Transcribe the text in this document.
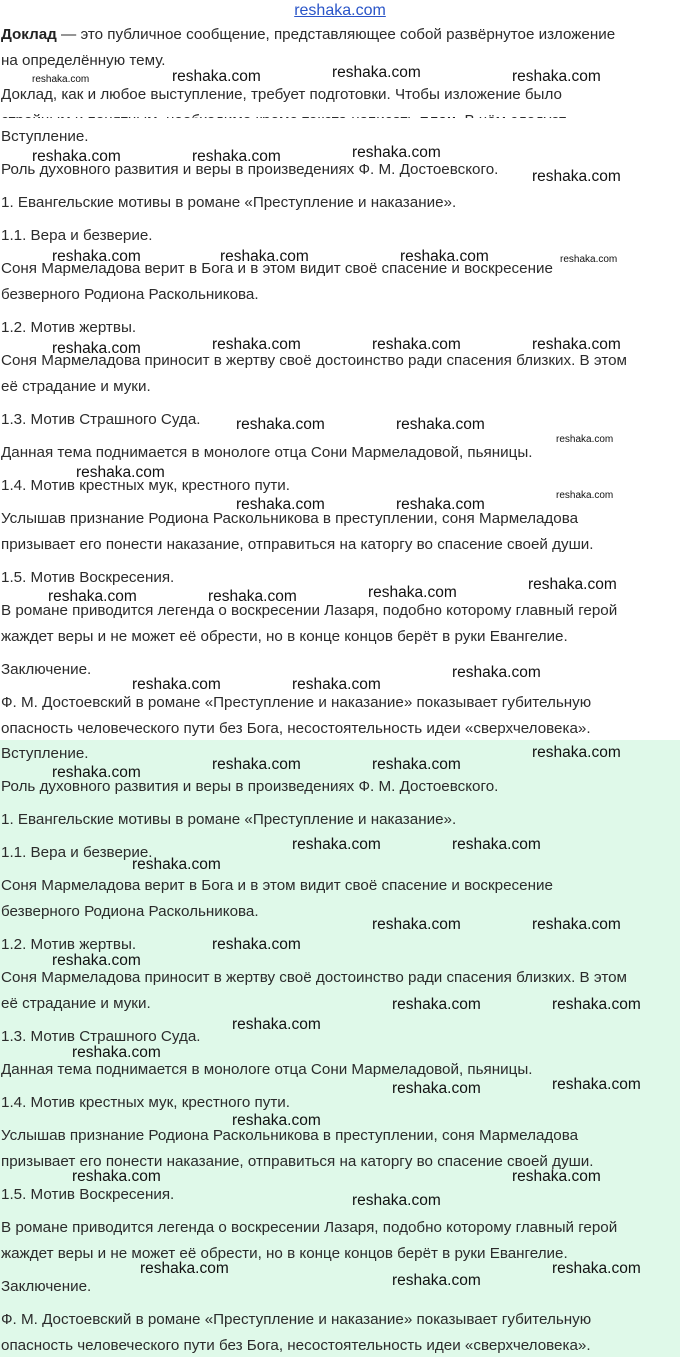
reshaka.com
Доклад — это публичное сообщение, представляющее собой развёрнутое изложение
на определённую тему.
Доклад, как и любое выступление, требует подготовки. Чтобы изложение было
Вступление.
Роль духовного развития и веры в произведениях Ф. М. Достоевского.
1. Евангельские мотивы в романе «Преступление и наказание».
1.1. Вера и безверие.
Соня Мармеладова верит в Бога и в этом видит своё спасение и воскресение
безверного Родиона Раскольникова.
1.2. Мотив жертвы.
Соня Мармеладова приносит в жертву своё достоинство ради спасения близких. В этом
её страдание и муки.
1.3. Мотив Страшного Суда.
Данная тема поднимается в монологе отца Сони Мармеладовой, пьяницы.
1.4. Мотив крестных мук, крестного пути.
Услышав признание Родиона Раскольникова в преступлении, соня Мармеладова
призывает его понести наказание, отправиться на каторгу во спасение своей души.
1.5. Мотив Воскресения.
В романе приводится легенда о воскресении Лазаря, подобно которому главный герой
жаждет веры и не может её обрести, но в конце концов берёт в руки Евангелие.
Заключение.
Ф. М. Достоевский в романе «Преступление и наказание» показывает губительную
опасность человеческого пути без Бога, несостоятельность идеи «сверхчеловека».
Вступление.
Роль духовного развития и веры в произведениях Ф. М. Достоевского.
1. Евангельские мотивы в романе «Преступление и наказание».
1.1. Вера и безверие.
Соня Мармеладова верит в Бога и в этом видит своё спасение и воскресение
безверного Родиона Раскольникова.
1.2. Мотив жертвы.
Соня Мармеладова приносит в жертву своё достоинство ради спасения близких. В этом
её страдание и муки.
1.3. Мотив Страшного Суда.
Данная тема поднимается в монологе отца Сони Мармеладовой, пьяницы.
1.4. Мотив крестных мук, крестного пути.
Услышав признание Родиона Раскольникова в преступлении, соня Мармеладова
призывает его понести наказание, отправиться на каторгу во спасение своей души.
1.5. Мотив Воскресения.
В романе приводится легенда о воскресении Лазаря, подобно которому главный герой
жаждет веры и не может её обрести, но в конце концов берёт в руки Евангелие.
Заключение.
Ф. М. Достоевский в романе «Преступление и наказание» показывает губительную
опасность человеческого пути без Бога, несостоятельность идеи «сверхчеловека».
reshaka.com	reshaka.com	reshaka.com	reshaka.com
reshaka.com	reshaka.com	reshaka.com
reshaka.com
reshaka.com	reshaka.com	reshaka.com	reshaka.com
reshaka.com	reshaka.com	reshaka.com	reshaka.com
reshaka.com	reshaka.com
reshaka.com
reshaka.com
reshaka.com	reshaka.com
reshaka.com
reshaka.com
reshaka.com
reshaka.com	reshaka.com
reshaka.com
reshaka.com	reshaka.com
reshaka.com
reshaka.com	reshaka.com
reshaka.com
reshaka.com	reshaka.com
reshaka.com
reshaka.com	reshaka.com
reshaka.com
reshaka.com
reshaka.com	reshaka.com
reshaka.com
reshaka.com
reshaka.com
reshaka.com
reshaka.com
reshaka.com	reshaka.com
reshaka.com
reshaka.com	reshaka.com
reshaka.com
